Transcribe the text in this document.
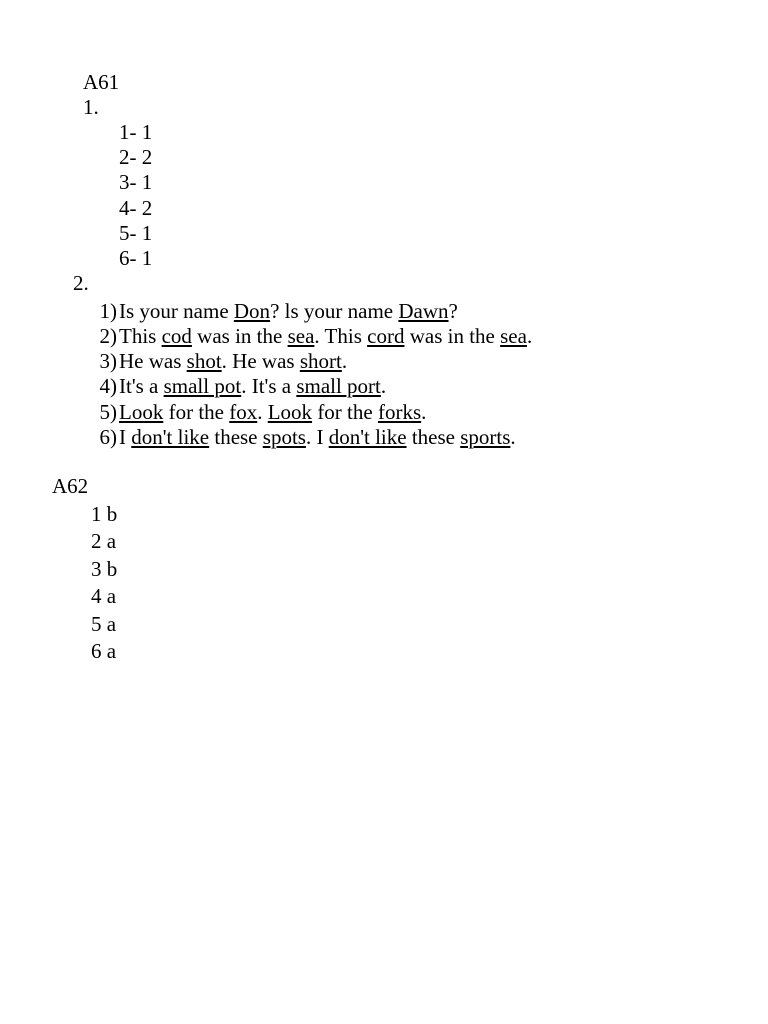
A61
1.
1- 1
2- 2
3- 1
4- 2
5- 1
6- 1
2.
1) Is your name Don? ls your name Dawn?
2) This cod was in the sea. This cord was in the sea.
3) He was shot. He was short.
4) It's a small pot. It's a small port.
5) Look for the fox. Look for the forks.
6) I don't like these spots. I don't like these sports.
A62
1 b
2 a
3 b
4 a
5 a
6 a
